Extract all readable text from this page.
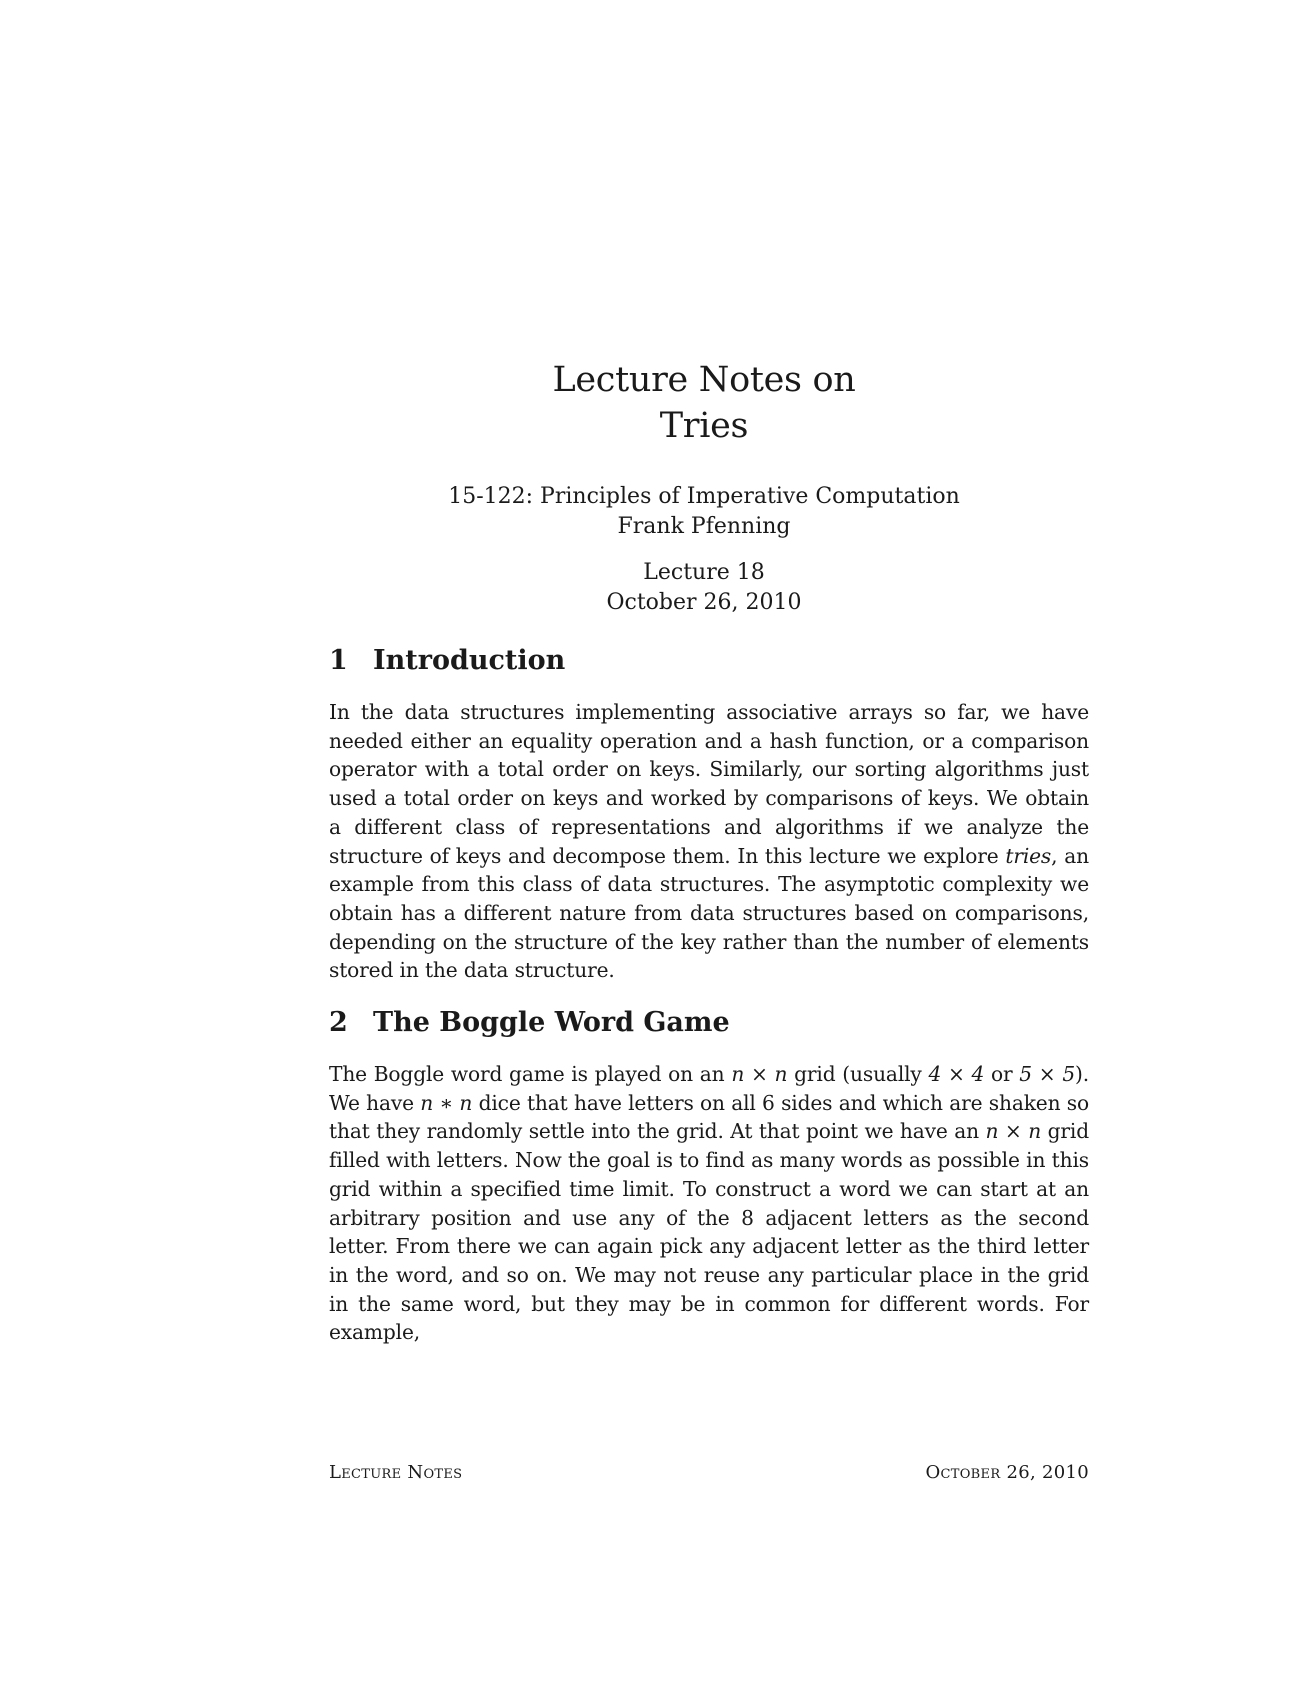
Lecture Notes on
Tries
15-122: Principles of Imperative Computation
Frank Pfenning
Lecture 18
October 26, 2010
1 Introduction

In the data structures implementing associative arrays so far, we have needed either an equality operation and a hash function, or a comparison operator with a total order on keys. Similarly, our sorting algorithms just used a total order on keys and worked by comparisons of keys. We obtain a different class of representations and algorithms if we analyze the structure of keys and decompose them. In this lecture we explore tries, an example from this class of data structures. The asymptotic complexity we obtain has a different nature from data structures based on comparisons, depending on the structure of the key rather than the number of elements stored in the data structure.

2 The Boggle Word Game

The Boggle word game is played on an n × n grid (usually 4 × 4 or 5 × 5). We have n ∗ n dice that have letters on all 6 sides and which are shaken so that they randomly settle into the grid. At that point we have an n × n grid filled with letters. Now the goal is to find as many words as possible in this grid within a specified time limit. To construct a word we can start at an arbitrary position and use any of the 8 adjacent letters as the second letter. From there we can again pick any adjacent letter as the third letter in the word, and so on. We may not reuse any particular place in the grid in the same word, but they may be in common for different words. For example,

Lecture Notes	October 26, 2010
